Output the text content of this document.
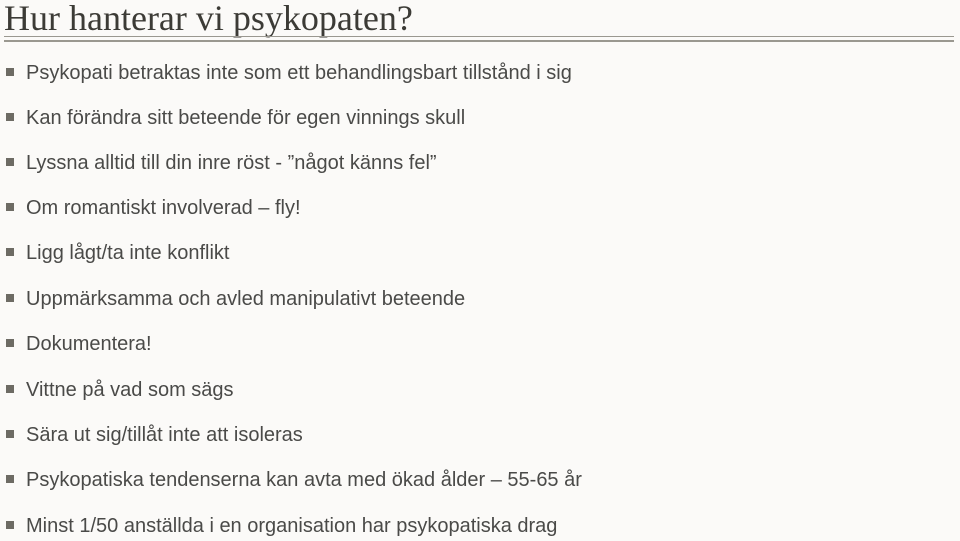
Hur hanterar vi psykopaten?
Psykopati betraktas inte som ett behandlingsbart tillstånd i sig
Kan förändra sitt beteende för egen vinnings skull
Lyssna alltid till din inre röst - ”något känns fel”
Om romantiskt involverad – fly!
Ligg lågt/ta inte konflikt
Uppmärksamma och avled manipulativt beteende
Dokumentera!
Vittne på vad som sägs
Sära ut sig/tillåt inte att isoleras
Psykopatiska tendenserna kan avta med ökad ålder – 55-65 år
Minst 1/50 anställda i en organisation har psykopatiska drag
